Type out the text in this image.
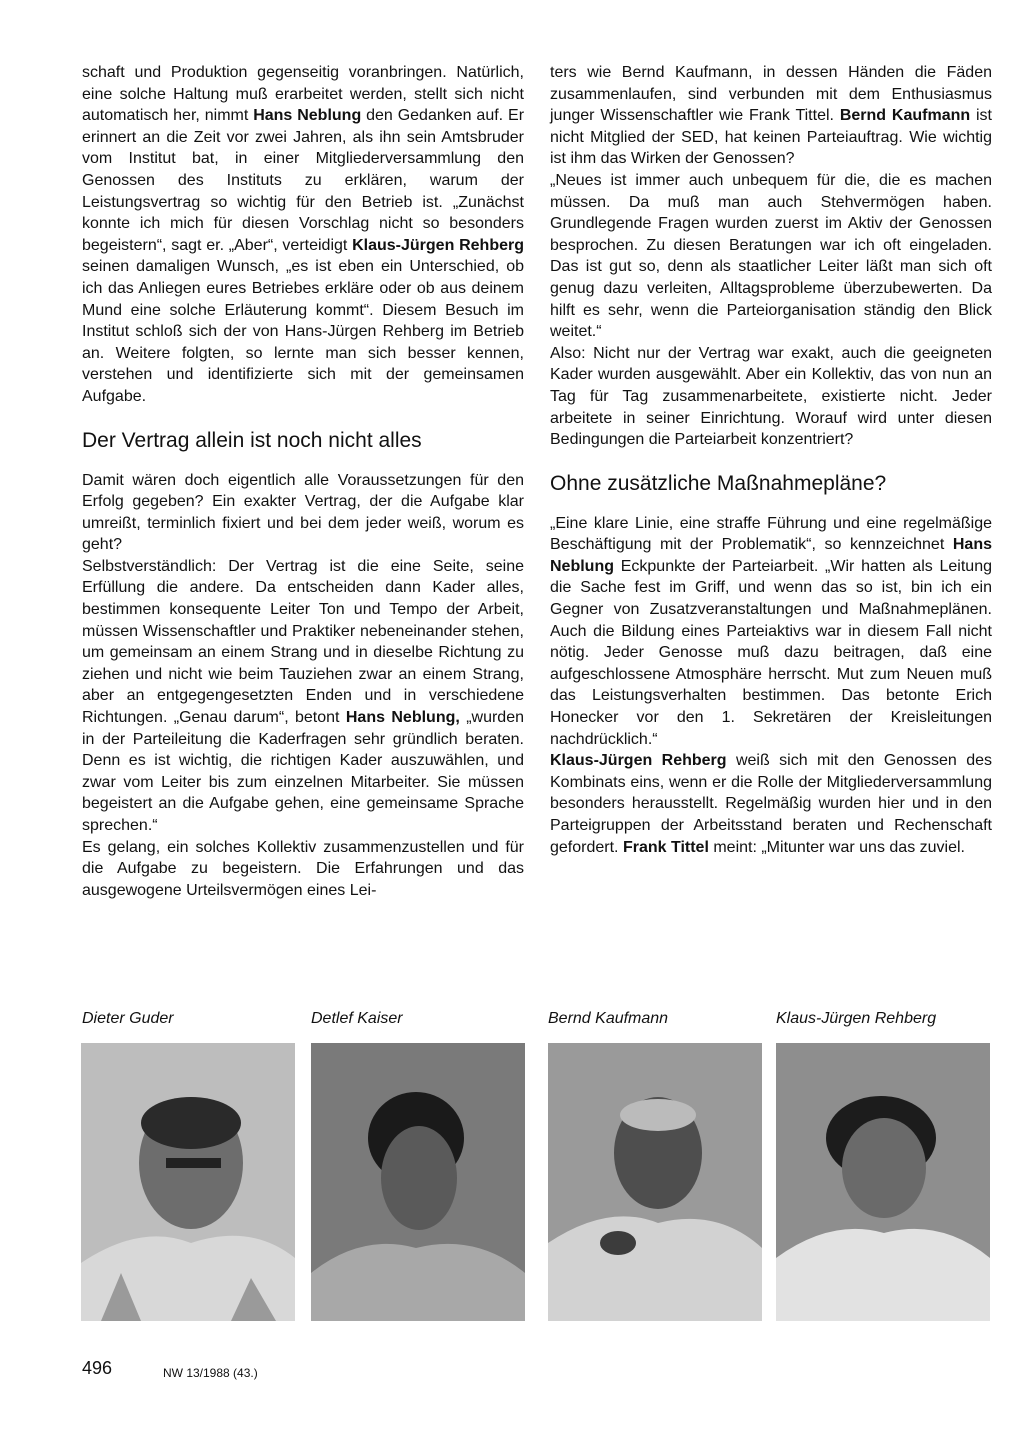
schaft und Produktion gegenseitig voranbringen. Natürlich, eine solche Haltung muß erarbeitet werden, stellt sich nicht automatisch her, nimmt Hans Neblung den Gedanken auf. Er erinnert an die Zeit vor zwei Jahren, als ihn sein Amtsbruder vom Institut bat, in einer Mitgliederversammlung den Genossen des Instituts zu erklären, warum der Leistungsvertrag so wichtig für den Betrieb ist. „Zunächst konnte ich mich für diesen Vorschlag nicht so besonders begeistern“, sagt er. „Aber“, verteidigt Klaus-Jürgen Rehberg seinen damaligen Wunsch, „es ist eben ein Unterschied, ob ich das Anliegen eures Betriebes erkläre oder ob aus deinem Mund eine solche Erläuterung kommt“. Diesem Besuch im Institut schloß sich der von Hans-Jürgen Rehberg im Betrieb an. Weitere folgten, so lernte man sich besser kennen, verstehen und identifizierte sich mit der gemeinsamen Aufgabe.

Der Vertrag allein ist noch nicht alles

Damit wären doch eigentlich alle Voraussetzungen für den Erfolg gegeben? Ein exakter Vertrag, der die Aufgabe klar umreißt, terminlich fixiert und bei dem jeder weiß, worum es geht?

Selbstverständlich: Der Vertrag ist die eine Seite, seine Erfüllung die andere. Da entscheiden dann Kader alles, bestimmen konsequente Leiter Ton und Tempo der Arbeit, müssen Wissenschaftler und Praktiker nebeneinander stehen, um gemeinsam an einem Strang und in dieselbe Richtung zu ziehen und nicht wie beim Tauziehen zwar an einem Strang, aber an entgegengesetzten Enden und in verschiedene Richtungen. „Genau darum“, betont Hans Neblung, „wurden in der Parteileitung die Kaderfragen sehr gründlich beraten. Denn es ist wichtig, die richtigen Kader auszuwählen, und zwar vom Leiter bis zum einzelnen Mitarbeiter. Sie müssen begeistert an die Aufgabe gehen, eine gemeinsame Sprache sprechen.“

Es gelang, ein solches Kollektiv zusammenzustellen und für die Aufgabe zu begeistern. Die Erfahrungen und das ausgewogene Urteilsvermögen eines Lei-

ters wie Bernd Kaufmann, in dessen Händen die Fäden zusammenlaufen, sind verbunden mit dem Enthusiasmus junger Wissenschaftler wie Frank Tittel. Bernd Kaufmann ist nicht Mitglied der SED, hat keinen Parteiauftrag. Wie wichtig ist ihm das Wirken der Genossen?

„Neues ist immer auch unbequem für die, die es machen müssen. Da muß man auch Stehvermögen haben. Grundlegende Fragen wurden zuerst im Aktiv der Genossen besprochen. Zu diesen Beratungen war ich oft eingeladen. Das ist gut so, denn als staatlicher Leiter läßt man sich oft genug dazu verleiten, Alltagsprobleme überzubewerten. Da hilft es sehr, wenn die Parteiorganisation ständig den Blick weitet.“

Also: Nicht nur der Vertrag war exakt, auch die geeigneten Kader wurden ausgewählt. Aber ein Kollektiv, das von nun an Tag für Tag zusammenarbeitete, existierte nicht. Jeder arbeitete in seiner Einrichtung. Worauf wird unter diesen Bedingungen die Parteiarbeit konzentriert?

Ohne zusätzliche Maßnahmepläne?

„Eine klare Linie, eine straffe Führung und eine regelmäßige Beschäftigung mit der Problematik“, so kennzeichnet Hans Neblung Eckpunkte der Parteiarbeit. „Wir hatten als Leitung die Sache fest im Griff, und wenn das so ist, bin ich ein Gegner von Zusatzveranstaltungen und Maßnahmeplänen. Auch die Bildung eines Parteiaktivs war in diesem Fall nicht nötig. Jeder Genosse muß dazu beitragen, daß eine aufgeschlossene Atmosphäre herrscht. Mut zum Neuen muß das Leistungsverhalten bestimmen. Das betonte Erich Honecker vor den 1. Sekretären der Kreisleitungen nachdrücklich.“

Klaus-Jürgen Rehberg weiß sich mit den Genossen des Kombinats eins, wenn er die Rolle der Mitgliederversammlung besonders herausstellt. Regelmäßig wurden hier und in den Parteigruppen der Arbeitsstand beraten und Rechenschaft gefordert. Frank Tittel meint: „Mitunter war uns das zuviel.

Dieter Guder	Detlef Kaiser	Bernd Kaufmann	Klaus-Jürgen Rehberg
496	NW 13/1988 (43.)
